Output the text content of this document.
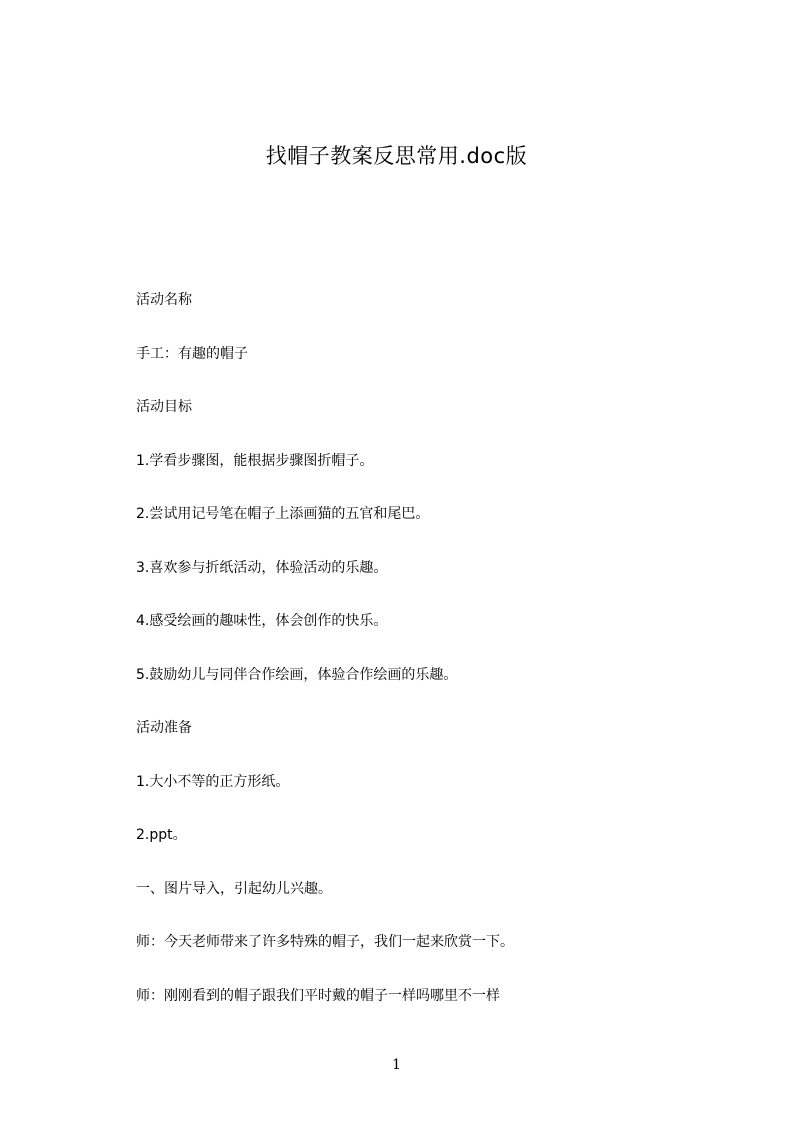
找帽子教案反思常用.doc版
活动名称
手工：有趣的帽子
活动目标
1.学看步骤图，能根据步骤图折帽子。
2.尝试用记号笔在帽子上添画猫的五官和尾巴。
3.喜欢参与折纸活动，体验活动的乐趣。
4.感受绘画的趣味性，体会创作的快乐。
5.鼓励幼儿与同伴合作绘画，体验合作绘画的乐趣。
活动准备
1.大小不等的正方形纸。
2.ppt。
一、图片导入，引起幼儿兴趣。
师：今天老师带来了许多特殊的帽子，我们一起来欣赏一下。
师：刚刚看到的帽子跟我们平时戴的帽子一样吗哪里不一样
1
